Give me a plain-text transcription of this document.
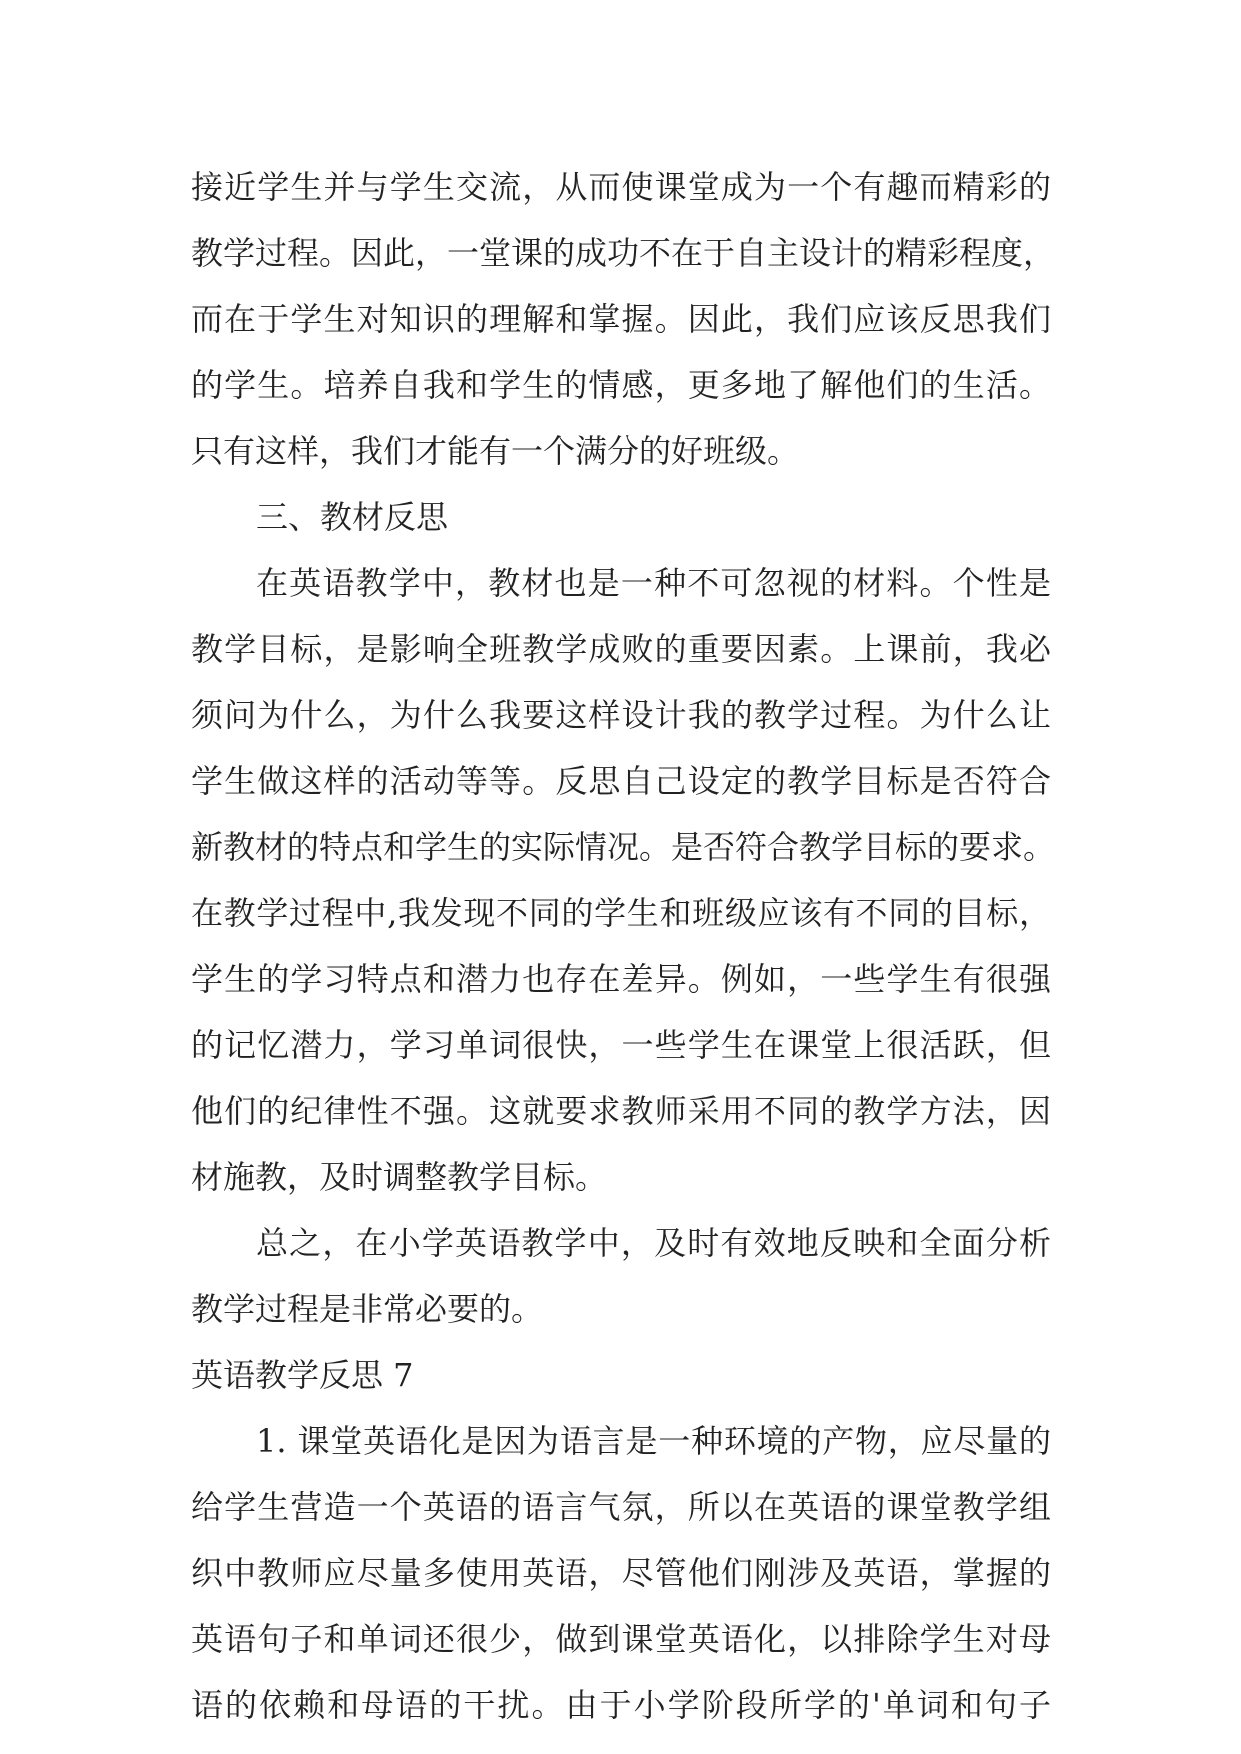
接近学生并与学生交流，从而使课堂成为一个有趣而精彩的
教学过程。因此，一堂课的成功不在于自主设计的精彩程度，
而在于学生对知识的理解和掌握。因此，我们应该反思我们
的学生。培养自我和学生的情感，更多地了解他们的生活。
只有这样，我们才能有一个满分的好班级。
三、教材反思
在英语教学中，教材也是一种不可忽视的材料。个性是
教学目标，是影响全班教学成败的重要因素。上课前，我必
须问为什么，为什么我要这样设计我的教学过程。为什么让
学生做这样的活动等等。反思自己设定的教学目标是否符合
新教材的特点和学生的实际情况。是否符合教学目标的要求。
在教学过程中,我发现不同的学生和班级应该有不同的目标，
学生的学习特点和潜力也存在差异。例如，一些学生有很强
的记忆潜力，学习单词很快，一些学生在课堂上很活跃，但
他们的纪律性不强。这就要求教师采用不同的教学方法，因
材施教，及时调整教学目标。
总之，在小学英语教学中，及时有效地反映和全面分析
教学过程是非常必要的。
英语教学反思 7
1. 课堂英语化是因为语言是一种环境的产物，应尽量的
给学生营造一个英语的语言气氛，所以在英语的课堂教学组
织中教师应尽量多使用英语，尽管他们刚涉及英语，掌握的
英语句子和单词还很少，做到课堂英语化，以排除学生对母
语的依赖和母语的干扰。由于小学阶段所学的'单词和句子
